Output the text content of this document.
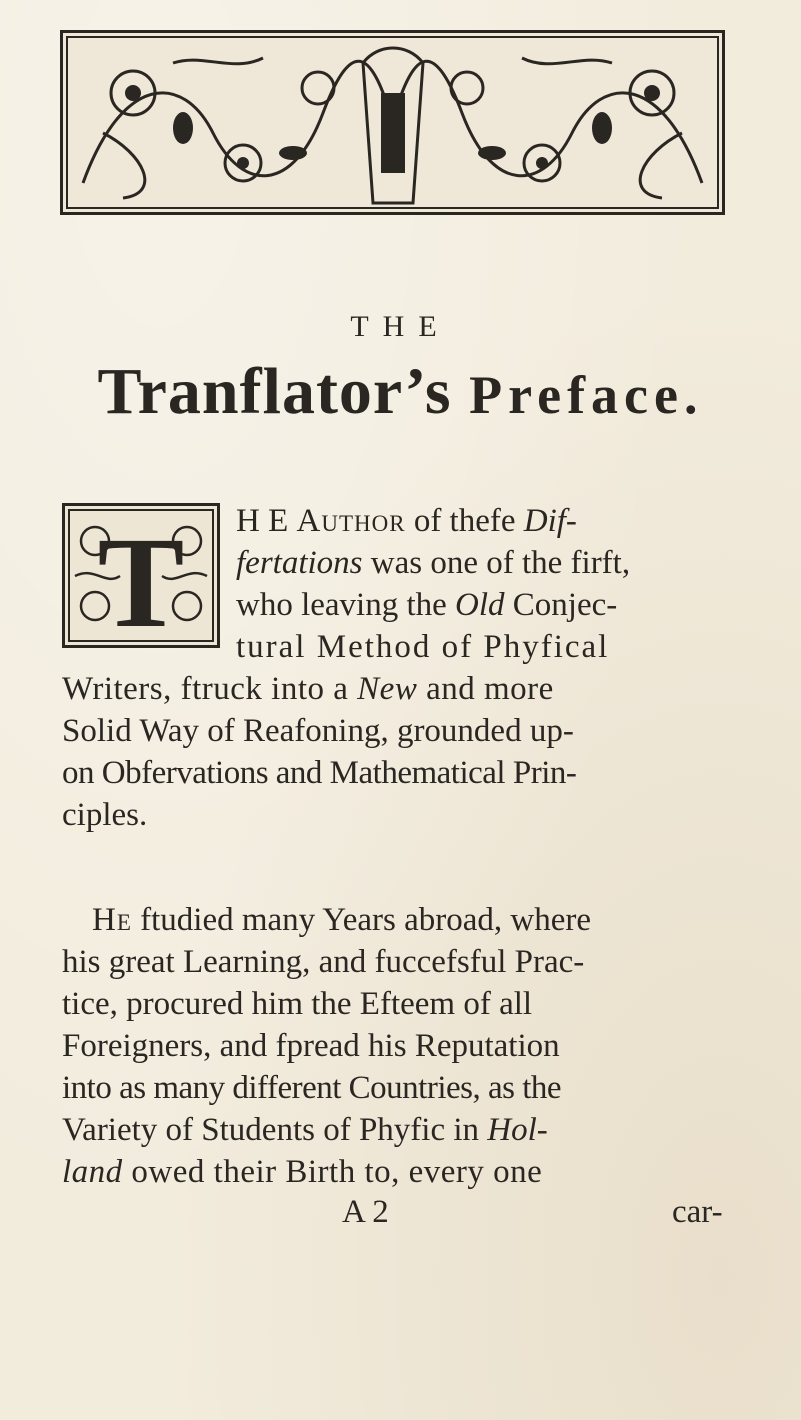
THE
Tranflator’s Preface.
T H E Author of thefe Dif-
fertations was one of the firft,
who leaving the Old Conjec-
tural Method of Phyfical
Writers, ftruck into a New and more
Solid Way of Reafoning, grounded up-
on Obfervations and Mathematical Prin-
ciples.
He ftudied many Years abroad, where
his great Learning, and fuccefsful Prac-
tice, procured him the Efteem of all
Foreigners, and fpread his Reputation
into as many different Countries, as the
Variety of Students of Phyfic in Hol-
land owed their Birth to, every one
A 2	car-
